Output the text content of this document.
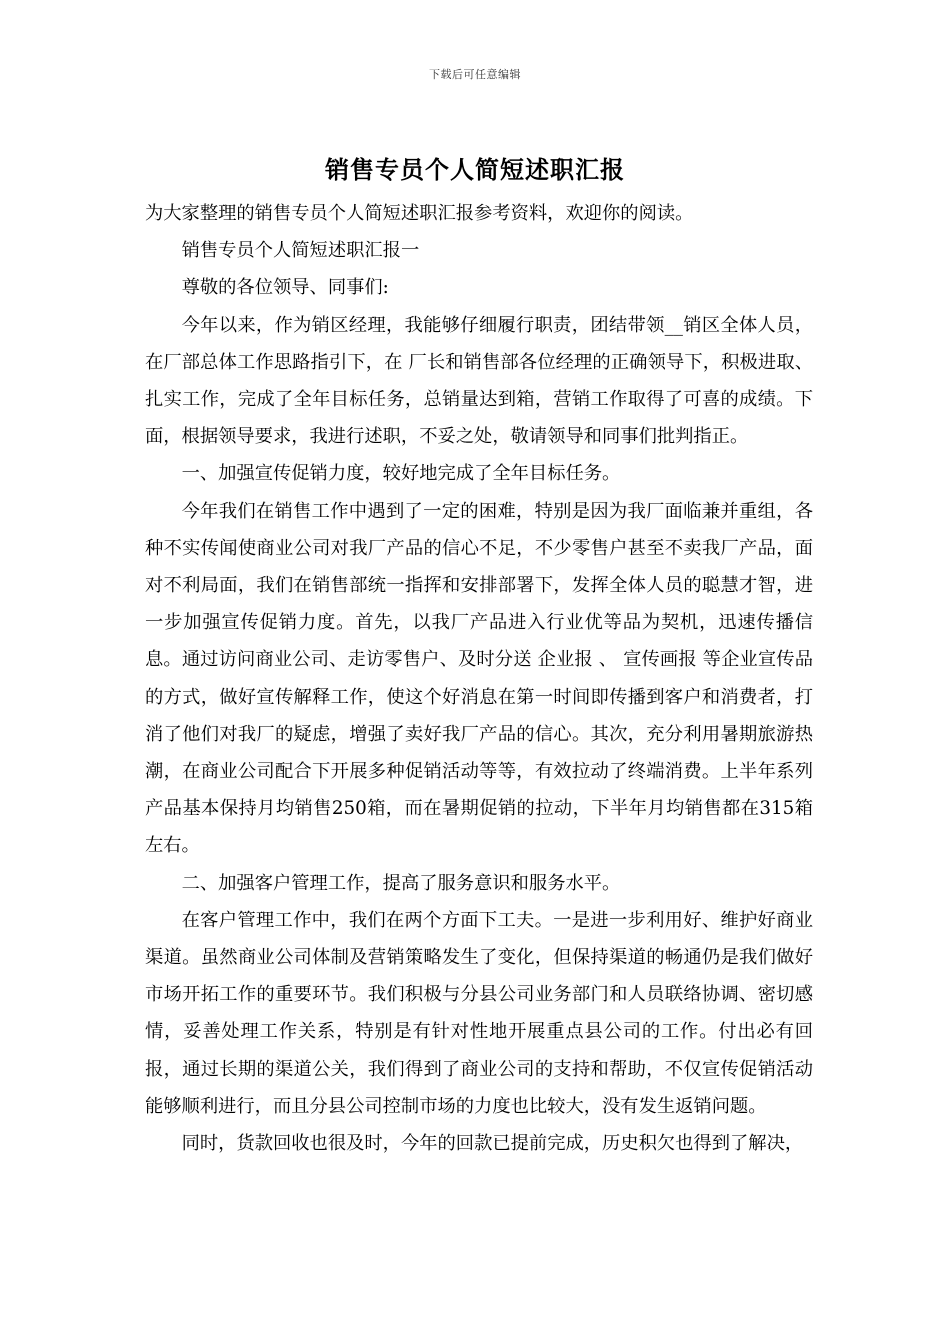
下载后可任意编辑
销售专员个人简短述职汇报

为大家整理的销售专员个人简短述职汇报参考资料，欢迎你的阅读。

销售专员个人简短述职汇报一

尊敬的各位领导、同事们:

今年以来，作为销区经理，我能够仔细履行职责，团结带领__销区全体人员，在厂部总体工作思路指引下，在 厂长和销售部各位经理的正确领导下，积极进取、扎实工作，完成了全年目标任务，总销量达到箱，营销工作取得了可喜的成绩。下面，根据领导要求，我进行述职，不妥之处，敬请领导和同事们批判指正。

一、加强宣传促销力度，较好地完成了全年目标任务。

今年我们在销售工作中遇到了一定的困难，特别是因为我厂面临兼并重组，各种不实传闻使商业公司对我厂产品的信心不足，不少零售户甚至不卖我厂产品，面对不利局面，我们在销售部统一指挥和安排部署下，发挥全体人员的聪慧才智，进一步加强宣传促销力度。首先，以我厂产品进入行业优等品为契机，迅速传播信息。通过访问商业公司、走访零售户、及时分送 企业报 、 宣传画报 等企业宣传品的方式，做好宣传解释工作，使这个好消息在第一时间即传播到客户和消费者，打消了他们对我厂的疑虑，增强了卖好我厂产品的信心。其次，充分利用暑期旅游热潮，在商业公司配合下开展多种促销活动等等，有效拉动了终端消费。上半年系列产品基本保持月均销售250箱，而在暑期促销的拉动，下半年月均销售都在315箱左右。

二、加强客户管理工作，提高了服务意识和服务水平。

在客户管理工作中，我们在两个方面下工夫。一是进一步利用好、维护好商业渠道。虽然商业公司体制及营销策略发生了变化，但保持渠道的畅通仍是我们做好市场开拓工作的重要环节。我们积极与分县公司业务部门和人员联络协调、密切感情，妥善处理工作关系，特别是有针对性地开展重点县公司的工作。付出必有回报，通过长期的渠道公关，我们得到了商业公司的支持和帮助，不仅宣传促销活动能够顺利进行，而且分县公司控制市场的力度也比较大，没有发生返销问题。

同时，货款回收也很及时，今年的回款已提前完成，历史积欠也得到了解决，
